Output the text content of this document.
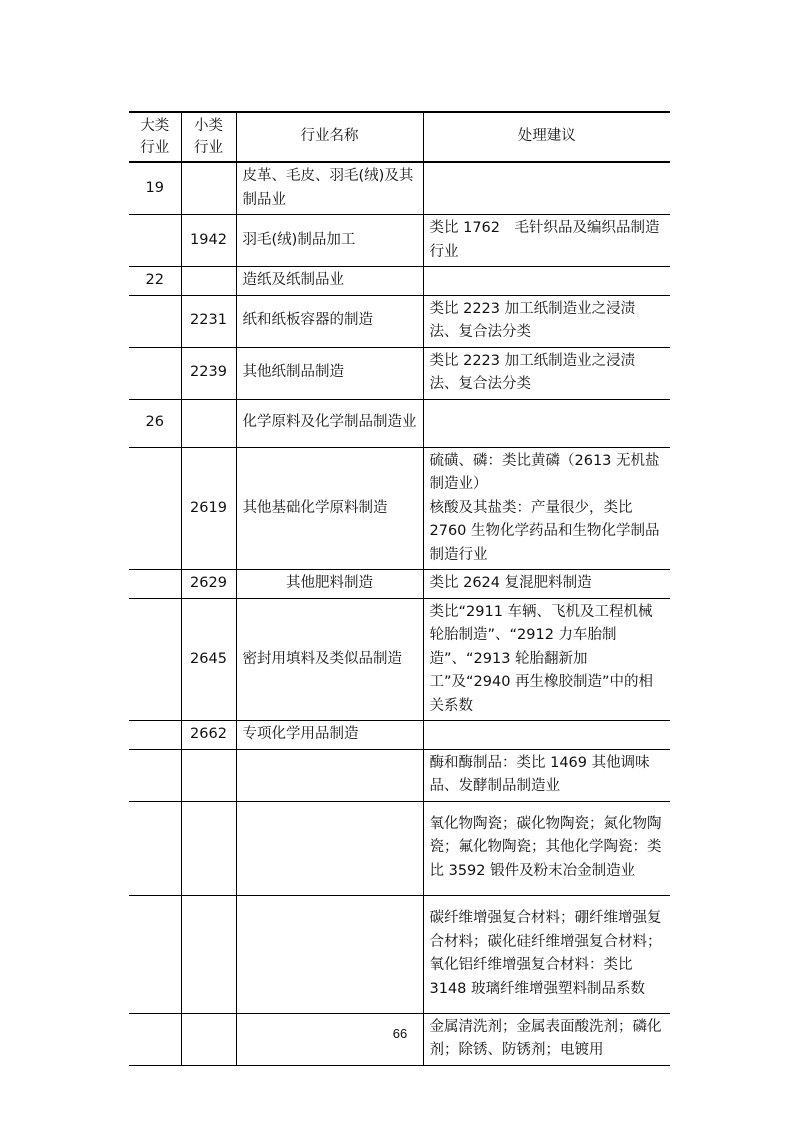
大类行业	小类行业	行业名称	处理建议
19		皮革、毛皮、羽毛(绒)及其制品业	
	1942	羽毛(绒)制品加工	类比 1762　毛针织品及编织品制造行业

22		造纸及纸制品业	
	2231	纸和纸板容器的制造	类比 2223 加工纸制造业之浸渍法、复合法分类

	2239	其他纸制品制造	类比 2223 加工纸制造业之浸渍法、复合法分类

26		化学原料及化学制品制造业	
	2619	其他基础化学原料制造	硫磺、磷：类比黄磷（2613 无机盐制造业）
核酸及其盐类：产量很少，类比 2760 生物化学药品和生物化学制品制造行业

	2629	其他肥料制造	类比 2624 复混肥料制造

	2645	密封用填料及类似品制造	类比“2911 车辆、飞机及工程机械轮胎制造”、“2912 力车胎制造”、“2913 轮胎翻新加工”及“2940 再生橡胶制造”中的相关系数

	2662	专项化学用品制造	

			酶和酶制品：类比 1469 其他调味品、发酵制品制造业

			氧化物陶瓷；碳化物陶瓷；氮化物陶瓷；氟化物陶瓷；其他化学陶瓷：类比 3592 锻件及粉末冶金制造业

			碳纤维增强复合材料；硼纤维增强复合材料；碳化硅纤维增强复合材料；氧化铝纤维增强复合材料：类比 3148 玻璃纤维增强塑料制品系数

			金属清洗剂；金属表面酸洗剂；磷化剂；除锈、防锈剂；电镀用
66
